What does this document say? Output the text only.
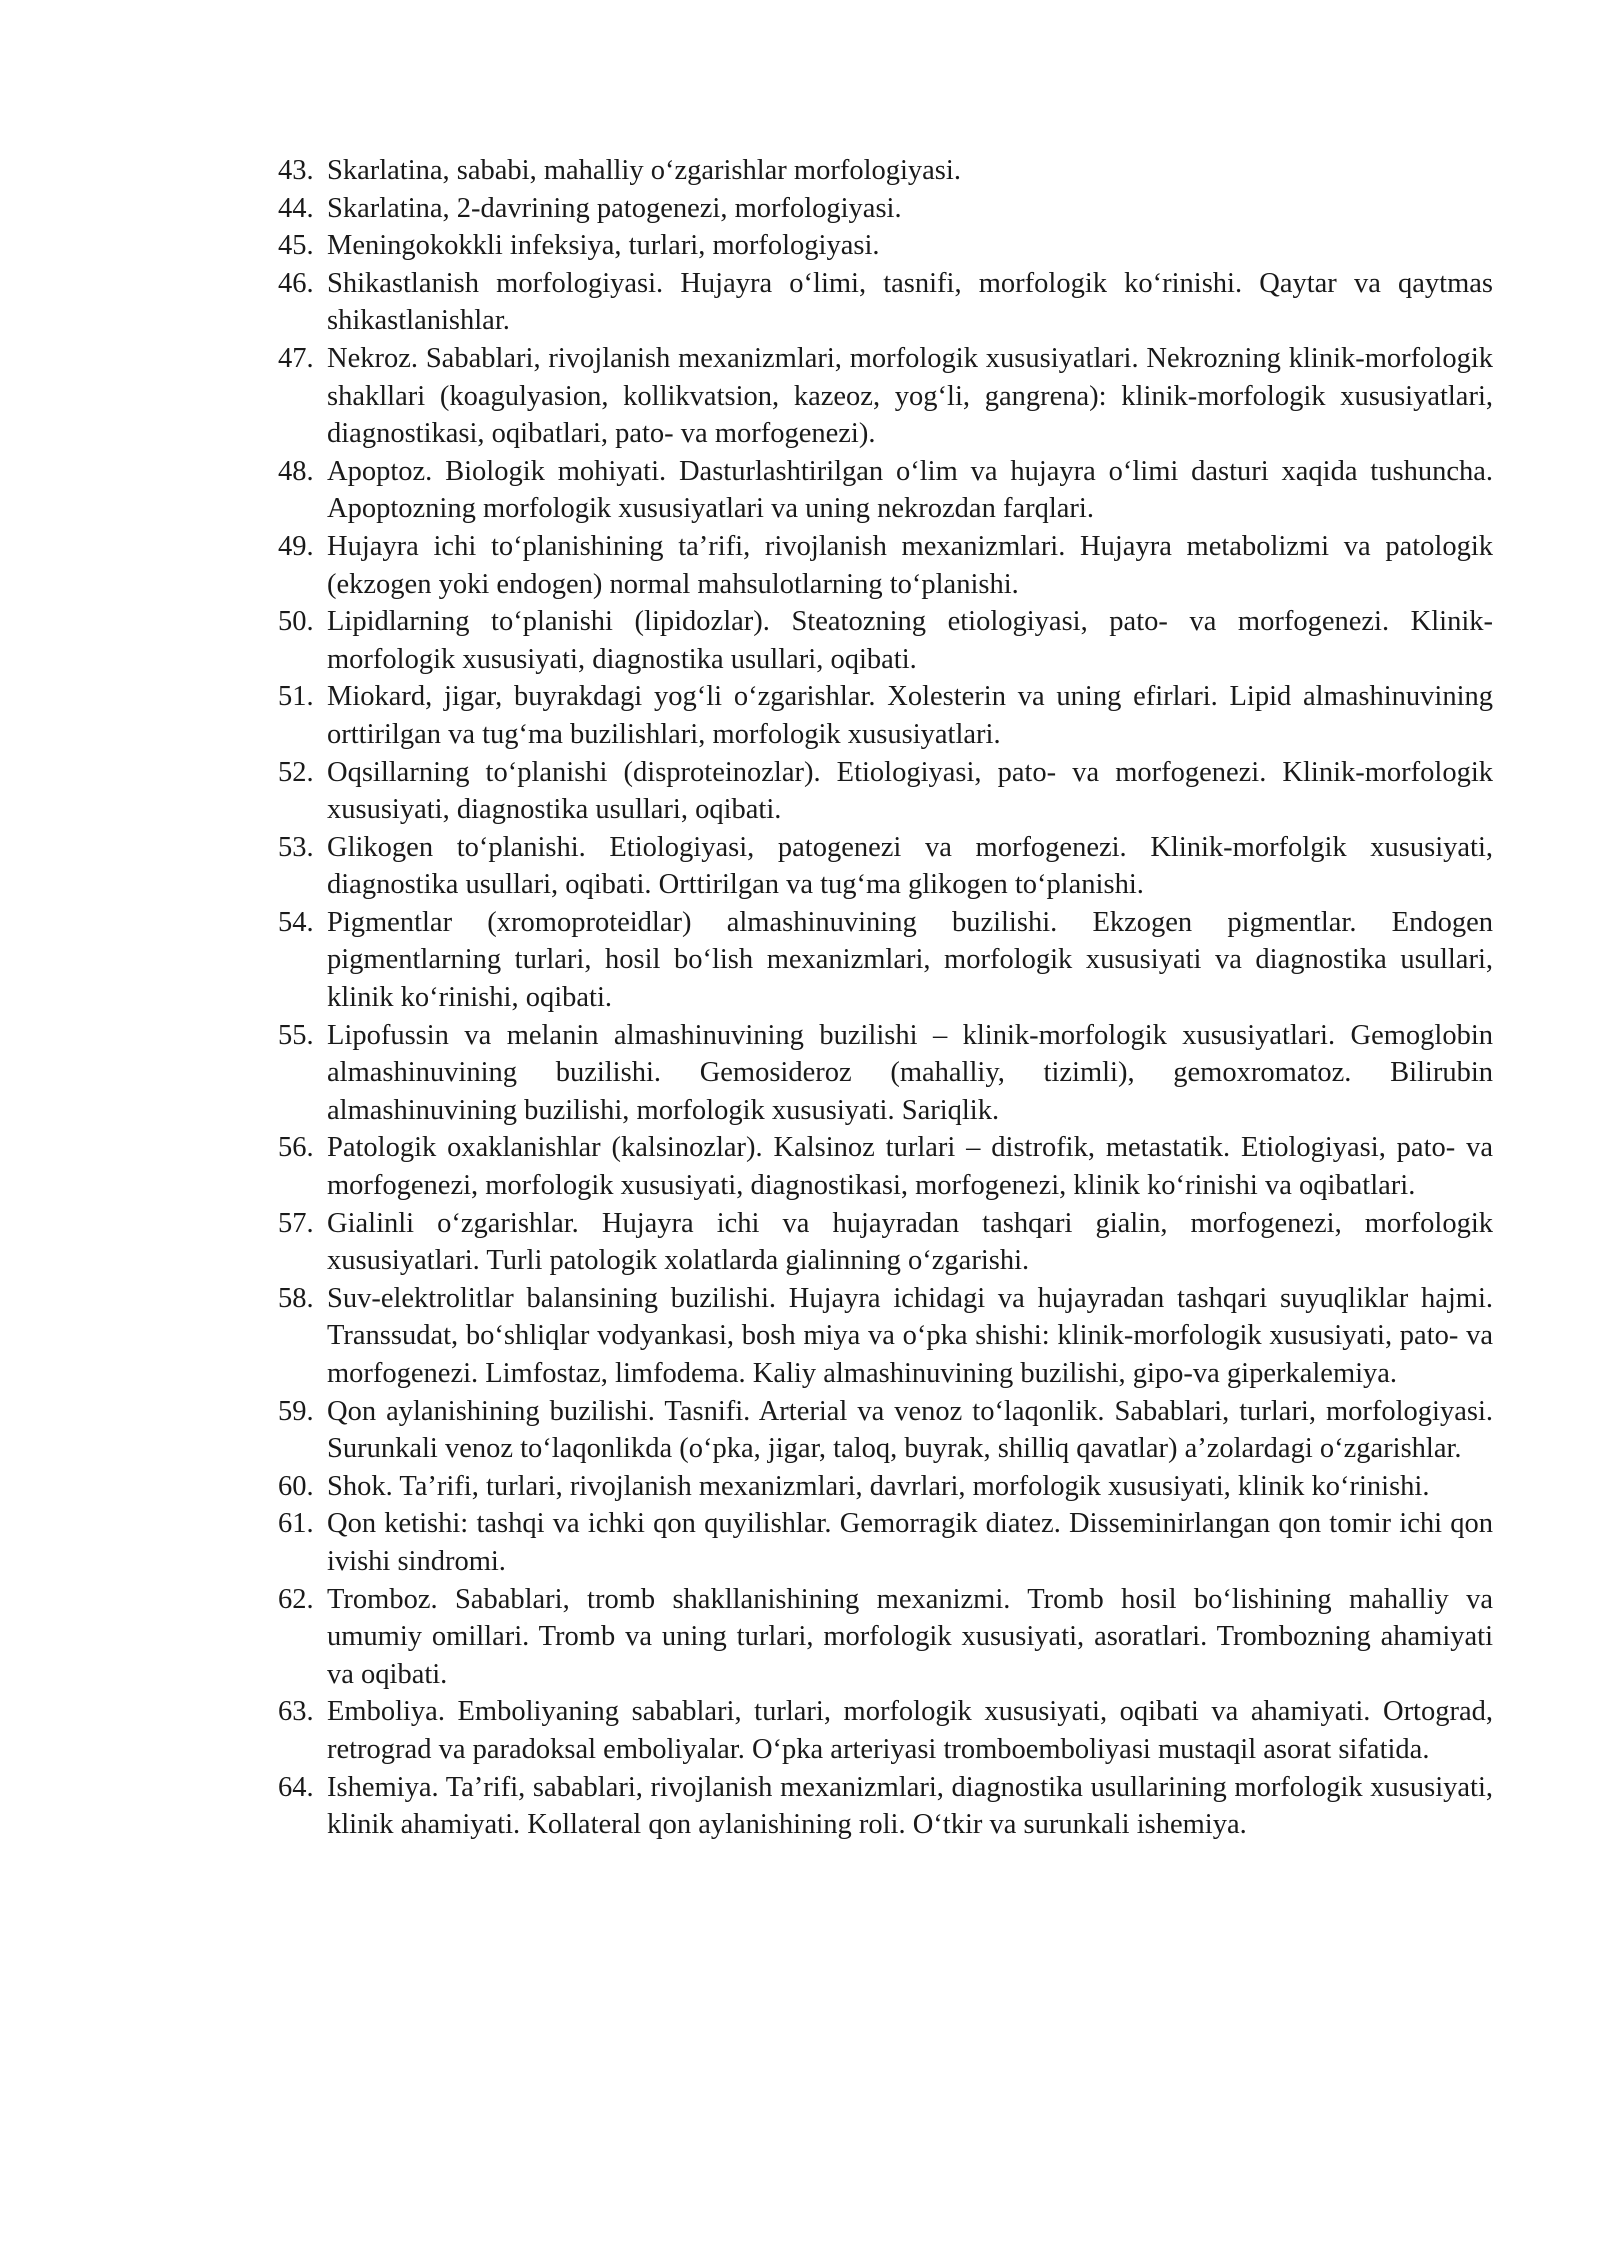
43. Skarlatina, sababi, mahalliy o‘zgarishlar morfologiyasi.
44. Skarlatina, 2-davrining patogenezi, morfologiyasi.
45. Meningokokkli infeksiya, turlari, morfologiyasi.
46. Shikastlanish morfologiyasi. Hujayra o‘limi, tasnifi, morfologik ko‘rinishi. Qaytar va qaytmas shikastlanishlar.
47. Nekroz. Sabablari, rivojlanish mexanizmlari, morfologik xususiyatlari. Nekrozning klinik-morfologik shakllari (koagulyasion, kollikvatsion, kazeoz, yog‘li, gangrena): klinik-morfologik xususiyatlari, diagnostikasi, oqibatlari, pato- va morfogenezi).
48. Apoptoz. Biologik mohiyati. Dasturlashtirilgan o‘lim va hujayra o‘limi dasturi xaqida tushuncha. Apoptozning morfologik xususiyatlari va uning nekrozdan farqlari.
49. Hujayra ichi to‘planishining ta’rifi, rivojlanish mexanizmlari. Hujayra metabolizmi va patologik (ekzogen yoki endogen) normal mahsulotlarning to‘planishi.
50. Lipidlarning to‘planishi (lipidozlar). Steatozning etiologiyasi, pato- va morfogenezi. Klinik-morfologik xususiyati, diagnostika usullari, oqibati.
51. Miokard, jigar, buyrakdagi yog‘li o‘zgarishlar. Xolesterin va uning efirlari. Lipid almashinuvining orttirilgan va tug‘ma buzilishlari, morfologik xususiyatlari.
52. Oqsillarning to‘planishi (disproteinozlar). Etiologiyasi, pato- va morfogenezi. Klinik-morfologik xususiyati, diagnostika usullari, oqibati.
53. Glikogen to‘planishi. Etiologiyasi, patogenezi va morfogenezi. Klinik-morfolgik xususiyati, diagnostika usullari, oqibati. Orttirilgan va tug‘ma glikogen to‘planishi.
54. Pigmentlar (xromoproteidlar) almashinuvining buzilishi. Ekzogen pigmentlar. Endogen pigmentlarning turlari, hosil bo‘lish mexanizmlari, morfologik xususiyati va diagnostika usullari, klinik ko‘rinishi, oqibati.
55. Lipofussin va melanin almashinuvining buzilishi – klinik-morfologik xususiyatlari. Gemoglobin almashinuvining buzilishi. Gemosideroz (mahalliy, tizimli), gemoxromatoz. Bilirubin almashinuvining buzilishi, morfologik xususiyati. Sariqlik.
56. Patologik oxaklanishlar (kalsinozlar). Kalsinoz turlari – distrofik, metastatik. Etiologiyasi, pato- va morfogenezi, morfologik xususiyati, diagnostikasi, morfogenezi, klinik ko‘rinishi va oqibatlari.
57. Gialinli o‘zgarishlar. Hujayra ichi va hujayradan tashqari gialin, morfogenezi, morfologik xususiyatlari. Turli patologik xolatlarda gialinning o‘zgarishi.
58. Suv-elektrolitlar balansining buzilishi. Hujayra ichidagi va hujayradan tashqari suyuqliklar hajmi. Transsudat, bo‘shliqlar vodyankasi, bosh miya va o‘pka shishi: klinik-morfologik xususiyati, pato- va morfogenezi. Limfostaz, limfodema. Kaliy almashinuvining buzilishi, gipo-va giperkalemiya.
59. Qon aylanishining buzilishi. Tasnifi. Arterial va venoz to‘laqonlik. Sabablari, turlari, morfologiyasi. Surunkali venoz to‘laqonlikda (o‘pka, jigar, taloq, buyrak, shilliq qavatlar) a’zolardagi o‘zgarishlar.
60. Shok. Ta’rifi, turlari, rivojlanish mexanizmlari, davrlari, morfologik xususiyati, klinik ko‘rinishi.
61. Qon ketishi: tashqi va ichki qon quyilishlar. Gemorragik diatez. Disseminirlangan qon tomir ichi qon ivishi sindromi.
62. Tromboz. Sabablari, tromb shakllanishining mexanizmi. Tromb hosil bo‘lishining mahalliy va umumiy omillari. Tromb va uning turlari, morfologik xususiyati, asoratlari. Trombozning ahamiyati va oqibati.
63. Emboliya. Emboliyaning sabablari, turlari, morfologik xususiyati, oqibati va ahamiyati. Ortograd, retrograd va paradoksal emboliyalar. O‘pka arteriyasi tromboemboliyasi mustaqil asorat sifatida.
64. Ishemiya. Ta’rifi, sabablari, rivojlanish mexanizmlari, diagnostika usullarining morfologik xususiyati, klinik ahamiyati. Kollateral qon aylanishining roli. O‘tkir va surunkali ishemiya.
